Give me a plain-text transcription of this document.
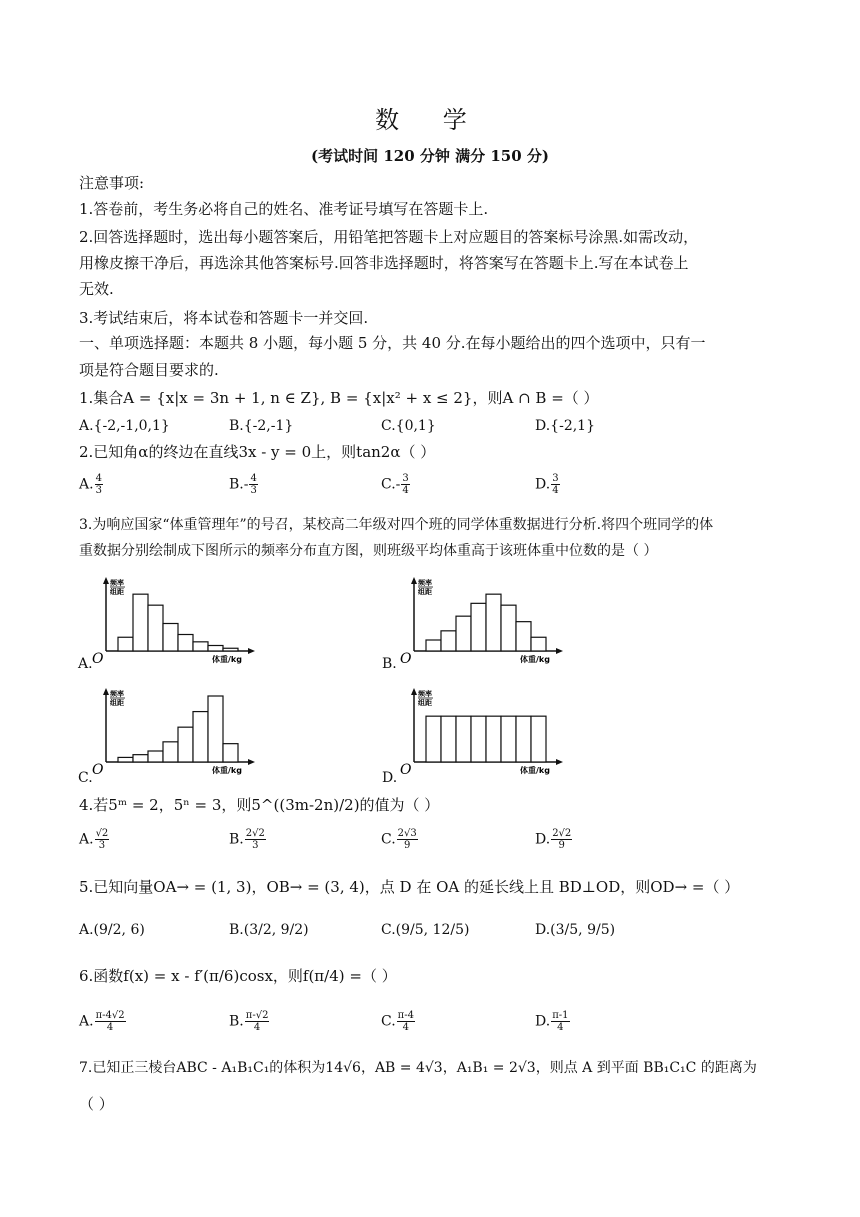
数 学
(考试时间 120 分钟 满分 150 分)
注意事项:
1.答卷前，考生务必将自己的姓名、准考证号填写在答题卡上.
2.回答选择题时，选出每小题答案后，用铅笔把答题卡上对应题目的答案标号涂黑.如需改动，
用橡皮擦干净后，再选涂其他答案标号.回答非选择题时，将答案写在答题卡上.写在本试卷上
无效.
3.考试结束后，将本试卷和答题卡一并交回.
一、单项选择题：本题共 8 小题，每小题 5 分，共 40 分.在每小题给出的四个选项中，只有一
项是符合题目要求的.
1.集合A = {x|x = 3n + 1, n ∈ Z}, B = {x|x² + x ≤ 2}，则A ∩ B =（ ）
A.{-2,-1,0,1}	B.{-2,-1}	C.{0,1}	D.{-2,1}
2.已知角α的终边在直线3x - y = 0上，则tan2α（ ）
A. $\frac{4}{3}$	$B.- \frac{4}{3}$	$C.- \frac{3}{4}$	D. $\frac{3}{4}$
3.为响应国家“体重管理年”的号召，某校高二年级对四个班的同学体重数据进行分析.将四个班同学的体
重数据分别绘制成下图所示的频率分布直方图，则班级平均体重高于该班体重中位数的是（ ）
频率
组距
体重/kg
O
频率
组距
体重/kg
O
频率
组距
体重/kg
O
频率
组距
体重/kg
O
A.	B.
C.	D.
4.若5ᵐ = 2，5ⁿ = 3，则5^((3m-2n)/2)的值为（ ）
A. $\frac{√2}{3}$	B. $\frac{2√2}{3}$	C. $\frac{2√3}{9}$	D. $\frac{2√2}{9}$
5.已知向量OA→ = (1, 3)，OB→ = (3, 4)，点 D 在 OA 的延长线上且 BD⊥OD，则OD→ =（ ）
A.(9/2, 6)	B.(3/2, 9/2)	C.(9/5, 12/5)	D.(3/5, 9/5)
6.函数f(x) = x - f′(π/6)cosx，则f(π/4) =（ ）
A. $\frac{\pi-4√2}{4}$	B. $\frac{\pi-√2}{4}$	C. $\frac{\pi-4}{4}$	D. $\frac{\pi-1}{4}$
7.已知正三棱台ABC - A₁B₁C₁的体积为14√6，AB = 4√3，A₁B₁ = 2√3，则点 A 到平面 BB₁C₁C 的距离为
（ ）
